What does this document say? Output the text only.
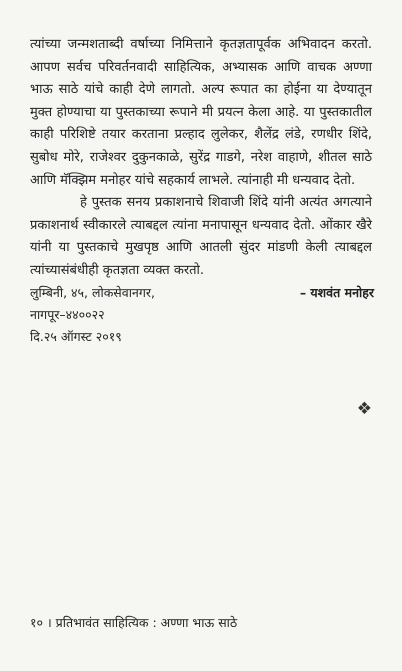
त्यांच्या जन्मशताब्दी वर्षाच्या निमित्ताने कृतज्ञतापूर्वक अभिवादन करतो. आपण सर्वच परिवर्तनवादी साहित्यिक, अभ्यासक आणि वाचक अण्णा भाऊ साठे यांचे काही देणे लागतो. अल्प रूपात का होईना या देण्यातून मुक्त होण्याचा या पुस्तकाच्या रूपाने मी प्रयत्न केला आहे. या पुस्तकातील काही परिशिष्टे तयार करताना प्रल्हाद लुलेकर, शैलेंद्र लंडे, रणधीर शिंदे, सुबोध मोरे, राजेश्वर दुकुनकाळे, सुरेंद्र गाडगे, नरेश वाहाणे, शीतल साठे आणि मॅक्झिम मनोहर यांचे सहकार्य लाभले. त्यांनाही मी धन्यवाद देतो.

हे पुस्तक सनय प्रकाशनाचे शिवाजी शिंदे यांनी अत्यंत अगत्याने प्रकाशनार्थ स्वीकारले त्याबद्दल त्यांना मनापासून धन्यवाद देतो. ओंकार खैरे यांनी या पुस्तकाचे मुखपृष्ठ आणि आतली सुंदर मांडणी केली त्याबद्दल त्यांच्यासंबंधीही कृतज्ञता व्यक्त करतो.

लुम्बिनी, ४५, लोकसेवानगर,	– यशवंत मनोहर
नागपूर–४४००२२
दि.२५ ऑगस्ट २०१९
❖
१० । प्रतिभावंत साहित्यिक : अण्णा भाऊ साठे
